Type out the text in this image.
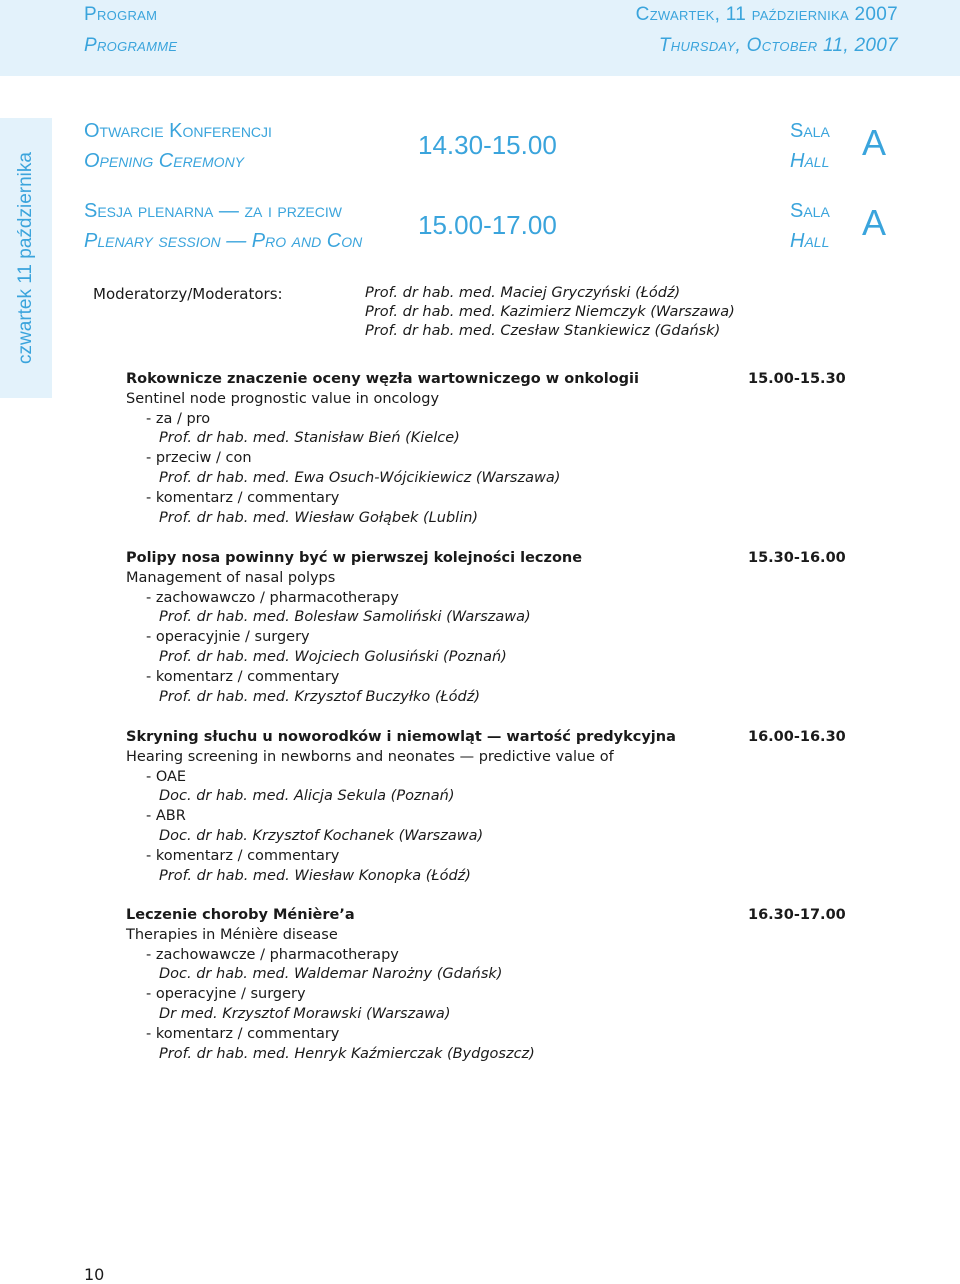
Program
Programme
Czwartek, 11 października 2007
Thursday, October 11, 2007
czwartek 11 października
Otwarcie Konferencji
Opening Ceremony
14.30-15.00	Sala
Hall A
Sesja plenarna — za i przeciw
Plenary session — Pro and Con
15.00-17.00	Sala
Hall A
Moderatorzy/Moderators:	Prof. dr hab. med. Maciej Gryczyński (Łódź)
Prof. dr hab. med. Kazimierz Niemczyk (Warszawa)
Prof. dr hab. med. Czesław Stankiewicz (Gdańsk)
Rokownicze znaczenie oceny węzła wartowniczego w onkologii	15.00-15.30
Sentinel node prognostic value in oncology
- za / pro
Prof. dr hab. med. Stanisław Bień (Kielce)
- przeciw / con
Prof. dr hab. med. Ewa Osuch-Wójcikiewicz (Warszawa)
- komentarz / commentary
Prof. dr hab. med. Wiesław Gołąbek (Lublin)
Polipy nosa powinny być w pierwszej kolejności leczone	15.30-16.00
Management of nasal polyps
- zachowawczo / pharmacotherapy
Prof. dr hab. med. Bolesław Samoliński (Warszawa)
- operacyjnie / surgery
Prof. dr hab. med. Wojciech Golusiński (Poznań)
- komentarz / commentary
Prof. dr hab. med. Krzysztof Buczyłko (Łódź)
Skryning słuchu u noworodków i niemowląt — wartość predykcyjna	16.00-16.30
Hearing screening in newborns and neonates — predictive value of
- OAE
Doc. dr hab. med. Alicja Sekula (Poznań)
- ABR
Doc. dr hab. Krzysztof Kochanek (Warszawa)
- komentarz / commentary
Prof. dr hab. med. Wiesław Konopka (Łódź)
Leczenie choroby Ménière’a	16.30-17.00
Therapies in Ménière disease
- zachowawcze / pharmacotherapy
Doc. dr hab. med. Waldemar Narożny (Gdańsk)
- operacyjne / surgery
Dr med. Krzysztof Morawski (Warszawa)
- komentarz / commentary
Prof. dr hab. med. Henryk Kaźmierczak (Bydgoszcz)
10
